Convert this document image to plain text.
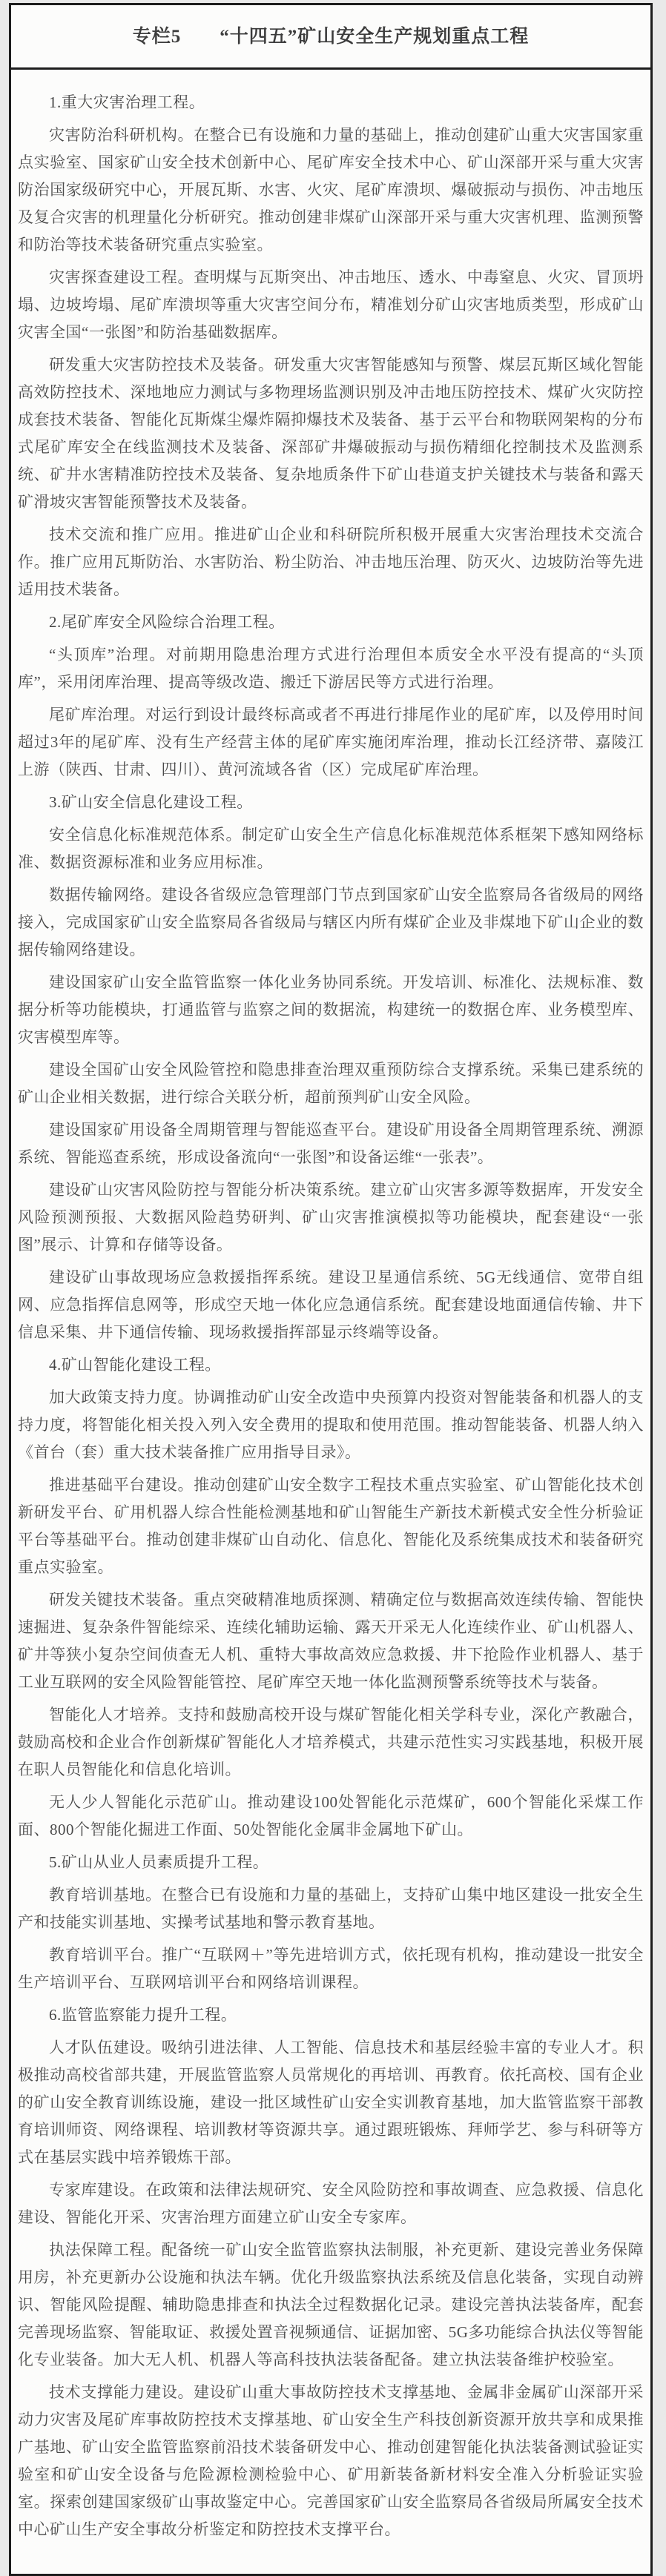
专栏5　　“十四五”矿山安全生产规划重点工程

1.重大灾害治理工程。

灾害防治科研机构。在整合已有设施和力量的基础上，推动创建矿山重大灾害国家重点实验室、国家矿山安全技术创新中心、尾矿库安全技术中心、矿山深部开采与重大灾害防治国家级研究中心，开展瓦斯、水害、火灾、尾矿库溃坝、爆破振动与损伤、冲击地压及复合灾害的机理量化分析研究。推动创建非煤矿山深部开采与重大灾害机理、监测预警和防治等技术装备研究重点实验室。

灾害探查建设工程。查明煤与瓦斯突出、冲击地压、透水、中毒窒息、火灾、冒顶坍塌、边坡垮塌、尾矿库溃坝等重大灾害空间分布，精准划分矿山灾害地质类型，形成矿山灾害全国“一张图”和防治基础数据库。

研发重大灾害防控技术及装备。研发重大灾害智能感知与预警、煤层瓦斯区域化智能高效防控技术、深地地应力测试与多物理场监测识别及冲击地压防控技术、煤矿火灾防控成套技术装备、智能化瓦斯煤尘爆炸隔抑爆技术及装备、基于云平台和物联网架构的分布式尾矿库安全在线监测技术及装备、深部矿井爆破振动与损伤精细化控制技术及监测系统、矿井水害精准防控技术及装备、复杂地质条件下矿山巷道支护关键技术与装备和露天矿滑坡灾害智能预警技术及装备。

技术交流和推广应用。推进矿山企业和科研院所积极开展重大灾害治理技术交流合作。推广应用瓦斯防治、水害防治、粉尘防治、冲击地压治理、防灭火、边坡防治等先进适用技术装备。

2.尾矿库安全风险综合治理工程。

“头顶库”治理。对前期用隐患治理方式进行治理但本质安全水平没有提高的“头顶库”，采用闭库治理、提高等级改造、搬迁下游居民等方式进行治理。

尾矿库治理。对运行到设计最终标高或者不再进行排尾作业的尾矿库，以及停用时间超过3年的尾矿库、没有生产经营主体的尾矿库实施闭库治理，推动长江经济带、嘉陵江上游（陕西、甘肃、四川）、黄河流域各省（区）完成尾矿库治理。

3.矿山安全信息化建设工程。

安全信息化标准规范体系。制定矿山安全生产信息化标准规范体系框架下感知网络标准、数据资源标准和业务应用标准。

数据传输网络。建设各省级应急管理部门节点到国家矿山安全监察局各省级局的网络接入，完成国家矿山安全监察局各省级局与辖区内所有煤矿企业及非煤地下矿山企业的数据传输网络建设。

建设国家矿山安全监管监察一体化业务协同系统。开发培训、标准化、法规标准、数据分析等功能模块，打通监管与监察之间的数据流，构建统一的数据仓库、业务模型库、灾害模型库等。

建设全国矿山安全风险管控和隐患排查治理双重预防综合支撑系统。采集已建系统的矿山企业相关数据，进行综合关联分析，超前预判矿山安全风险。

建设国家矿用设备全周期管理与智能巡查平台。建设矿用设备全周期管理系统、溯源系统、智能巡查系统，形成设备流向“一张图”和设备运维“一张表”。

建设矿山灾害风险防控与智能分析决策系统。建立矿山灾害多源等数据库，开发安全风险预测预报、大数据风险趋势研判、矿山灾害推演模拟等功能模块，配套建设“一张图”展示、计算和存储等设备。

建设矿山事故现场应急救援指挥系统。建设卫星通信系统、5G无线通信、宽带自组网、应急指挥信息网等，形成空天地一体化应急通信系统。配套建设地面通信传输、井下信息采集、井下通信传输、现场救援指挥部显示终端等设备。

4.矿山智能化建设工程。

加大政策支持力度。协调推动矿山安全改造中央预算内投资对智能装备和机器人的支持力度，将智能化相关投入列入安全费用的提取和使用范围。推动智能装备、机器人纳入《首台（套）重大技术装备推广应用指导目录》。

推进基础平台建设。推动创建矿山安全数字工程技术重点实验室、矿山智能化技术创新研发平台、矿用机器人综合性能检测基地和矿山智能生产新技术新模式安全性分析验证平台等基础平台。推动创建非煤矿山自动化、信息化、智能化及系统集成技术和装备研究重点实验室。

研发关键技术装备。重点突破精准地质探测、精确定位与数据高效连续传输、智能快速掘进、复杂条件智能综采、连续化辅助运输、露天开采无人化连续作业、矿山机器人、矿井等狭小复杂空间侦查无人机、重特大事故高效应急救援、井下抢险作业机器人、基于工业互联网的安全风险智能管控、尾矿库空天地一体化监测预警系统等技术与装备。

智能化人才培养。支持和鼓励高校开设与煤矿智能化相关学科专业，深化产教融合，鼓励高校和企业合作创新煤矿智能化人才培养模式，共建示范性实习实践基地，积极开展在职人员智能化和信息化培训。

无人少人智能化示范矿山。推动建设100处智能化示范煤矿，600个智能化采煤工作面、800个智能化掘进工作面、50处智能化金属非金属地下矿山。

5.矿山从业人员素质提升工程。

教育培训基地。在整合已有设施和力量的基础上，支持矿山集中地区建设一批安全生产和技能实训基地、实操考试基地和警示教育基地。

教育培训平台。推广“互联网＋”等先进培训方式，依托现有机构，推动建设一批安全生产培训平台、互联网培训平台和网络培训课程。

6.监管监察能力提升工程。

人才队伍建设。吸纳引进法律、人工智能、信息技术和基层经验丰富的专业人才。积极推动高校省部共建，开展监管监察人员常规化的再培训、再教育。依托高校、国有企业的矿山安全教育训练设施，建设一批区域性矿山安全实训教育基地，加大监管监察干部教育培训师资、网络课程、培训教材等资源共享。通过跟班锻炼、拜师学艺、参与科研等方式在基层实践中培养锻炼干部。

专家库建设。在政策和法律法规研究、安全风险防控和事故调查、应急救援、信息化建设、智能化开采、灾害治理方面建立矿山安全专家库。

执法保障工程。配备统一矿山安全监管监察执法制服，补充更新、建设完善业务保障用房，补充更新办公设施和执法车辆。优化升级监察执法系统及信息化装备，实现自动辨识、智能风险提醒、辅助隐患排查和执法全过程数据化记录。建设完善执法装备库，配套完善现场监察、智能取证、救援处置音视频通信、证据加密、5G多功能综合执法仪等智能化专业装备。加大无人机、机器人等高科技执法装备配备。建立执法装备维护校验室。

技术支撑能力建设。建设矿山重大事故防控技术支撑基地、金属非金属矿山深部开采动力灾害及尾矿库事故防控技术支撑基地、矿山安全生产科技创新资源开放共享和成果推广基地、矿山安全监管监察前沿技术装备研发中心、推动创建智能化执法装备测试验证实验室和矿山安全设备与危险源检测检验中心、矿用新装备新材料安全准入分析验证实验室。探索创建国家级矿山事故鉴定中心。完善国家矿山安全监察局各省级局所属安全技术中心矿山生产安全事故分析鉴定和防控技术支撑平台。
